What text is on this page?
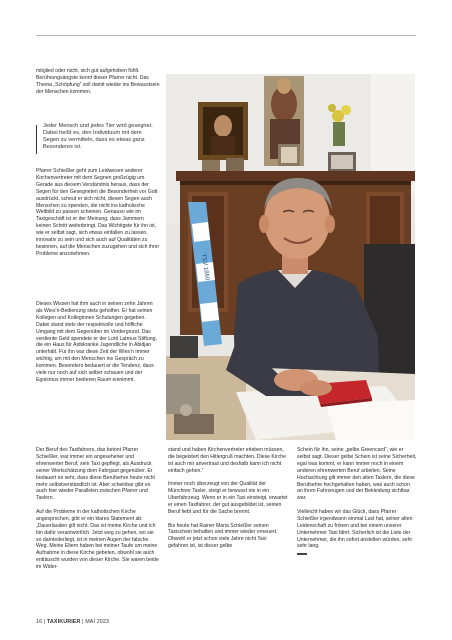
mitglied oder nicht, sich gut aufgehoben fühlt. Berührungsängste kennt dieser Pfarrer nicht. Das Thema „Schöpfung“ soll damit wieder ins Bewusstsein der Menschen kommen.

Jeder Mensch und jedes Tier wird gesegnet. Dabei heißt es, den Individuum mit dem Segen zu vermitteln, dass es etwas ganz Besonderes ist.

Pfarrer Schießler geht zum Leidwesen anderer Kirchenvertreter mit dem Segnen großzügig um. Gerade aus diesem Verständnis heraus, dass der Segen für den Gesegneten die Besonderheit vor Gott ausdrückt, scheut er sich nicht, diesen Segen auch Menschen zu spenden, die nicht ins katholische Weltbild zu passen scheinen. Genauso wie im Taxigeschäft ist er der Meinung, dass Jammern keinen Schritt weiterbringt. Das Wichtigste für ihn ist, wie er selbst sagt, sich etwas einfallen zu lassen, innovativ zu sein und sich auch auf Qualitäten zu besinnen, auf die Menschen zuzugehen und sich ihrer Probleme anzunehmen.

Dieses Wissen hat ihm auch in seinen zehn Jahren als Wies’n-Bedienung stets geholfen. Er hat seinen Kollegen und Kolleginnen Schulungen gegeben. Dabei stand stets der respektvolle und höfliche Umgang mit dem Gegenüber im Vordergrund. Das verdiente Geld spendete er der Lotti Latrous Stiftung, die ein Haus für Aidskranke Jugendliche in Abidjan unterhält. Für ihn war diese Zeit der Wies’n immer wichtig, um mit den Menschen ins Gespräch zu kommen. Besonders bedauert er die Tendenz, dass viele nur noch auf sich selber schauen und der Egoismus immer breiteren Raum einnimmt.

Der Beruf des Taxifahrers, das betont Pfarrer Schießler, war immer ein angesehener und ehrenwerter Beruf, sein Taxi gepflegt, als Ausdruck seiner Wertschätzung dem Fahrgast gegenüber. Er bedauert es sehr, dass diese Berufsehre heute nicht mehr selbstverständlich ist. Aber scheinbar gibt es auch hier wieder Parallelen zwischen Pfarrer und Taxlern.

Auf die Probleme in der katholischen Kirche angesprochen, gibt er ein klares Statement ab: „Dauerlauden gilt nicht. Das ist meine Kirche und ich bin dafür verantwortlich. Jetzt weg zu gehen, wo sie so darniederliegt, ist in meinen Augen der falsche Weg. Meine Eltern haben bei meiner Taufe um meine Aufnahme in diese Kirche gebeten, obwohl sie auch enttäuscht wurden von dieser Kirche. Sie waren beide im Wider-

stand und haben Kirchenvertreter erleben müssen, die begeistert den Hitlergruß machten. Diese Kirche ist auch mir anvertraut und deshalb kann ich nicht einfach gehen.“

Immer noch überzeugt von der Qualität der Münchner Taxler, steigt er bewusst nie in ein Uberfahrzeug. Wenn er in ein Taxi einsteigt, erwartet er einen Taxifahrer, der gut ausgebildet ist, seinen Beruf liebt und für die Sache brennt.

Bis heute hat Rainer Maria Schießler seinen Taxischein behalten und immer wieder erneuert. Obwohl er jetzt schon viele Jahre nicht Taxi gefahren ist, ist dieser gelbe

Schein für ihn, seine „gelbe Greencard“, wie er selbst sagt. Dieser gelbe Schein ist seine Sicherheit, egal was kommt, er kann immer noch in einem anderen ehrenwerten Beruf arbeiten. Seine Hochachtung gilt immer den alten Taxlern, die diese Berufsehre hochgehalten haben, was auch schon an ihren Fahrzeugen und der Bekleidung sichtbar war.

Vielleicht haben wir das Glück, dass Pfarrer Schießler irgendwann einmal Lust hat, seiner alten Leidenschaft zu frönen und bei einem unserer Unternehmer Taxi fährt. Sicherlich ist die Liste der Unternehmer, die ihn sofort anstellen würden, sehr sehr lang.

TSV 1860
16 | TAXIKURIER | MAI 2023
